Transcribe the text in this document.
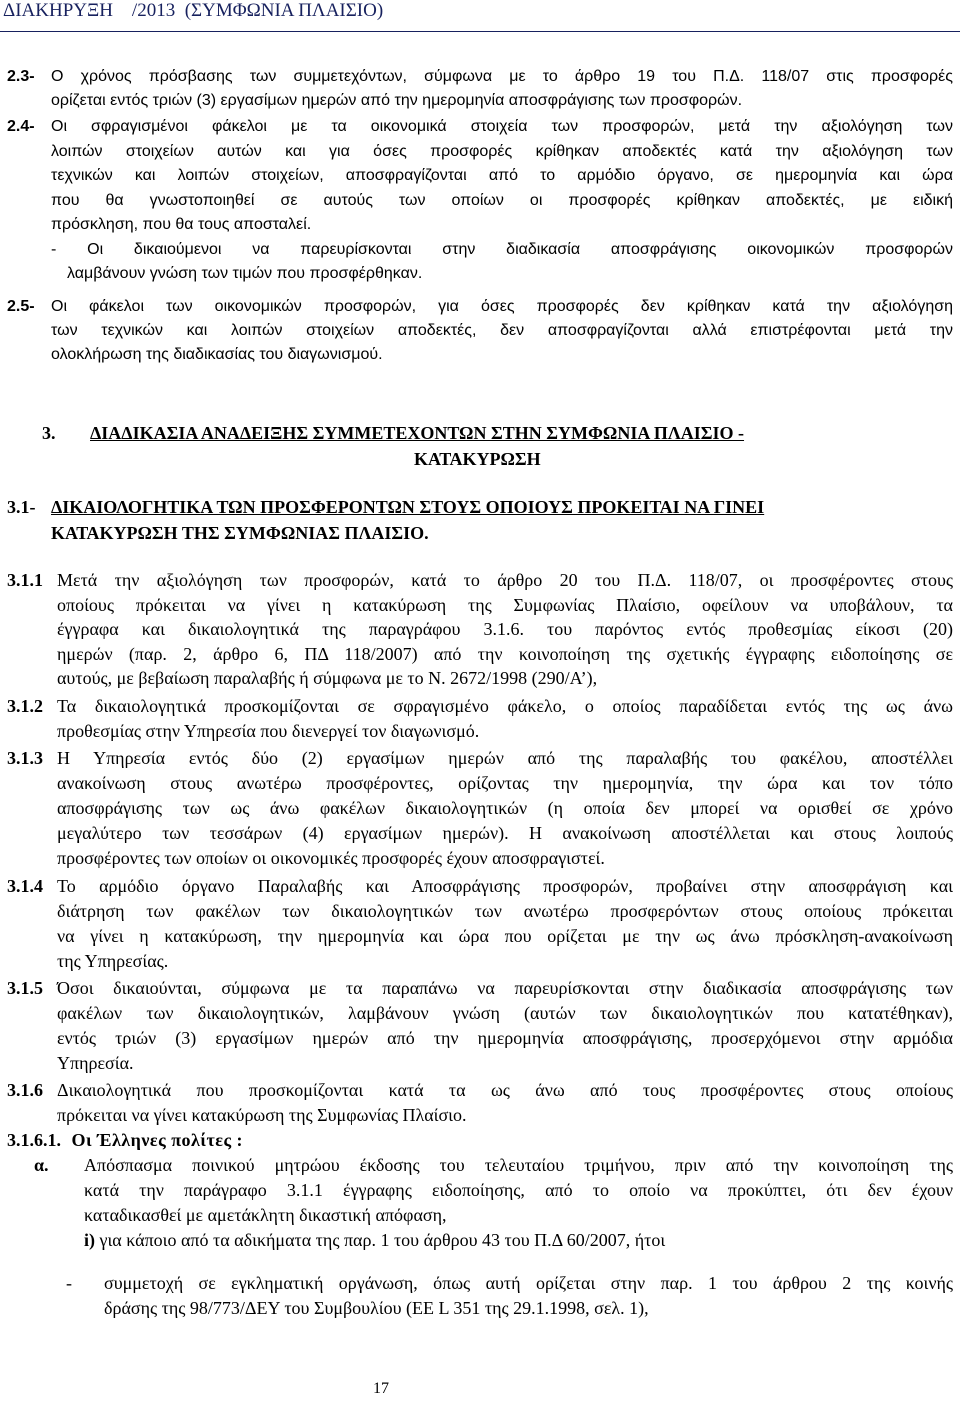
ΔΙΑΚΗΡΥΞΗ    /2013  (ΣΥΜΦΩΝΙΑ ΠΛΑΙΣΙΟ)
2.3- Ο χρόνος πρόσβασης των συμμετεχόντων, σύμφωνα με το άρθρο 19 του Π.Δ. 118/07 στις προσφορές
ορίζεται εντός τριών (3) εργασίμων ημερών από την ημερομηνία αποσφράγισης των προσφορών.
2.4- Οι σφραγισμένοι φάκελοι με τα οικονομικά στοιχεία των προσφορών, μετά την αξιολόγηση των
λοιπών στοιχείων αυτών και για όσες προσφορές κρίθηκαν αποδεκτές κατά την αξιολόγηση των
τεχνικών και λοιπών στοιχείων, αποσφραγίζονται από το αρμόδιο όργανο, σε ημερομηνία και ώρα
που θα γνωστοποιηθεί σε αυτούς των οποίων οι προσφορές κρίθηκαν αποδεκτές, με ειδική
πρόσκληση, που θα τους αποσταλεί.
- Οι δικαιούμενοι να παρευρίσκονται στην διαδικασία αποσφράγισης οικονομικών προσφορών
λαμβάνουν γνώση των τιμών που προσφέρθηκαν.
2.5- Οι φάκελοι των οικονομικών προσφορών, για όσες προσφορές δεν κρίθηκαν κατά την αξιολόγηση
των τεχνικών και λοιπών στοιχείων αποδεκτές, δεν αποσφραγίζονται αλλά επιστρέφονται μετά την
ολοκλήρωση της διαδικασίας του διαγωνισμού.
3. ΔΙΑΔΙΚΑΣΙΑ ΑΝΑΔΕΙΞΗΣ ΣΥΜΜΕΤΕΧΟΝΤΩΝ ΣΤΗΝ ΣΥΜΦΩΝΙΑ ΠΛΑΙΣΙΟ -
ΚΑΤΑΚΥΡΩΣΗ
3.1- ΔΙΚΑΙΟΛΟΓΗΤΙΚΑ ΤΩΝ ΠΡΟΣΦΕΡΟΝΤΩΝ ΣΤΟΥΣ ΟΠΟΙΟΥΣ ΠΡΟΚΕΙΤΑΙ ΝΑ ΓΙΝΕΙ
ΚΑΤΑΚΥΡΩΣΗ ΤΗΣ ΣΥΜΦΩΝΙΑΣ ΠΛΑΙΣΙΟ.
3.1.1 Μετά την αξιολόγηση των προσφορών, κατά το άρθρο 20 του Π.Δ. 118/07, οι προσφέροντες στους
οποίους πρόκειται να γίνει η κατακύρωση της Συμφωνίας Πλαίσιο, οφείλουν να υποβάλουν, τα
έγγραφα και δικαιολογητικά της παραγράφου 3.1.6. του παρόντος εντός προθεσμίας είκοσι (20)
ημερών (παρ. 2, άρθρο 6, ΠΔ 118/2007) από την κοινοποίηση της σχετικής έγγραφης ειδοποίησης σε
αυτούς, με βεβαίωση παραλαβής ή σύμφωνα με το Ν. 2672/1998 (290/Α’),
3.1.2 Τα δικαιολογητικά προσκομίζονται σε σφραγισμένο φάκελο, ο οποίος παραδίδεται εντός της ως άνω
προθεσμίας στην Υπηρεσία που διενεργεί τον διαγωνισμό.
3.1.3 Η Υπηρεσία εντός δύο (2) εργασίμων ημερών από της παραλαβής του φακέλου, αποστέλλει
ανακοίνωση στους ανωτέρω προσφέροντες, ορίζοντας την ημερομηνία, την ώρα και τον τόπο
αποσφράγισης των ως άνω φακέλων δικαιολογητικών (η οποία δεν μπορεί να ορισθεί σε χρόνο
μεγαλύτερο των τεσσάρων (4) εργασίμων ημερών). Η ανακοίνωση αποστέλλεται και στους λοιπούς
προσφέροντες των οποίων οι οικονομικές προσφορές έχουν αποσφραγιστεί.
3.1.4 Το αρμόδιο όργανο Παραλαβής και Αποσφράγισης προσφορών, προβαίνει στην αποσφράγιση και
διάτρηση των φακέλων των δικαιολογητικών των ανωτέρω προσφερόντων στους οποίους πρόκειται
να γίνει η κατακύρωση, την ημερομηνία και ώρα που ορίζεται με την ως άνω πρόσκληση-ανακοίνωση
της Υπηρεσίας.
3.1.5 Όσοι δικαιούνται, σύμφωνα με τα παραπάνω να παρευρίσκονται στην διαδικασία αποσφράγισης των
φακέλων των δικαιολογητικών, λαμβάνουν γνώση (αυτών των δικαιολογητικών που κατατέθηκαν),
εντός τριών (3) εργασίμων ημερών από την ημερομηνία αποσφράγισης, προσερχόμενοι στην αρμόδια
Υπηρεσία.
3.1.6 Δικαιολογητικά που προσκομίζονται κατά τα ως άνω από τους προσφέροντες στους οποίους
πρόκειται να γίνει κατακύρωση της Συμφωνίας Πλαίσιο.
3.1.6.1. Οι Έλληνες πολίτες :
α. Απόσπασμα ποινικού μητρώου έκδοσης του τελευταίου τριμήνου, πριν από την κοινοποίηση της
κατά την παράγραφο 3.1.1 έγγραφης ειδοποίησης, από το οποίο να προκύπτει, ότι δεν έχουν
καταδικασθεί με αμετάκλητη δικαστική απόφαση,
i) για κάποιο από τα αδικήματα της παρ. 1 του άρθρου 43 του Π.Δ 60/2007, ήτοι
- συμμετοχή σε εγκληματική οργάνωση, όπως αυτή ορίζεται στην παρ. 1 του άρθρου 2 της κοινής
δράσης της 98/773/ΔΕΥ του Συμβουλίου (ΕΕ L 351 της 29.1.1998, σελ. 1),
17
